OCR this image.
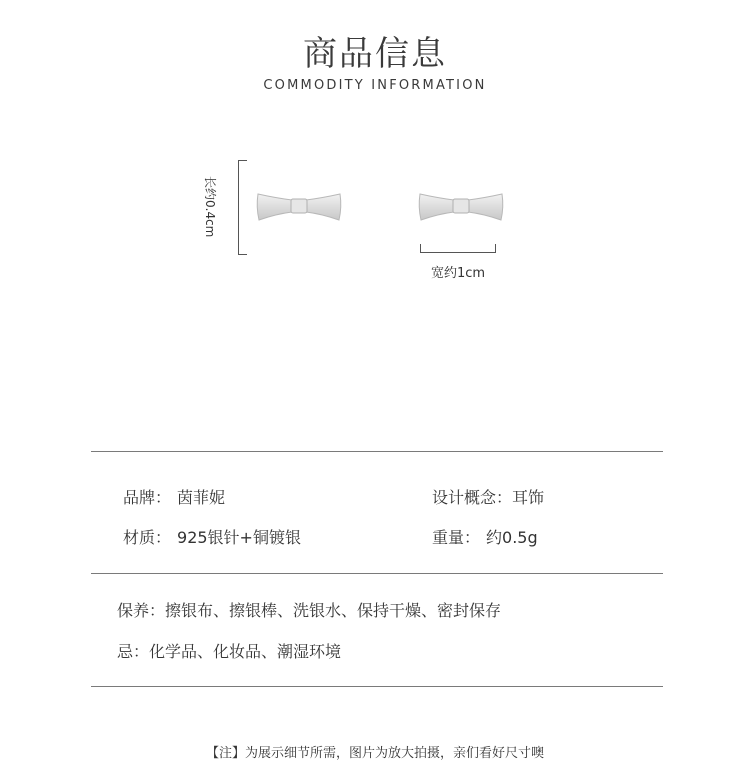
商品信息
COMMODITY INFORMATION
长约0.4cm
宽约1cm
品牌： 茵菲妮	设计概念：耳饰
材质： 925银针+铜镀银	重量： 约0.5g
保养：擦银布、擦银棒、洗银水、保持干燥、密封保存
忌：化学品、化妆品、潮湿环境
【注】为展示细节所需，图片为放大拍摄，亲们看好尺寸噢
